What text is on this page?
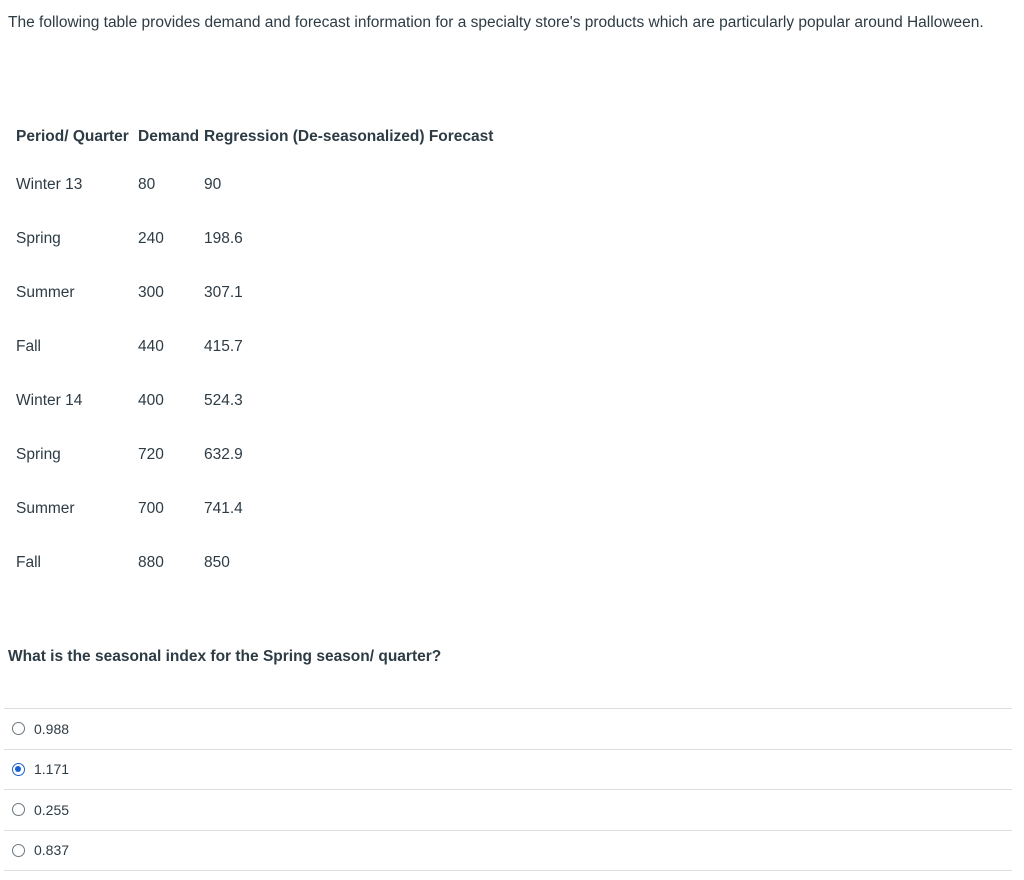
The following table provides demand and forecast information for a specialty store's products which are particularly popular around Halloween.

Period/ Quarter	Demand	Regression (De-seasonalized) Forecast
Winter 13	80	90
Spring	240	198.6
Summer	300	307.1
Fall	440	415.7
Winter 14	400	524.3
Spring	720	632.9
Summer	700	741.4
Fall	880	850

What is the seasonal index for the Spring season/ quarter?

0.988
1.171
0.255
0.837
